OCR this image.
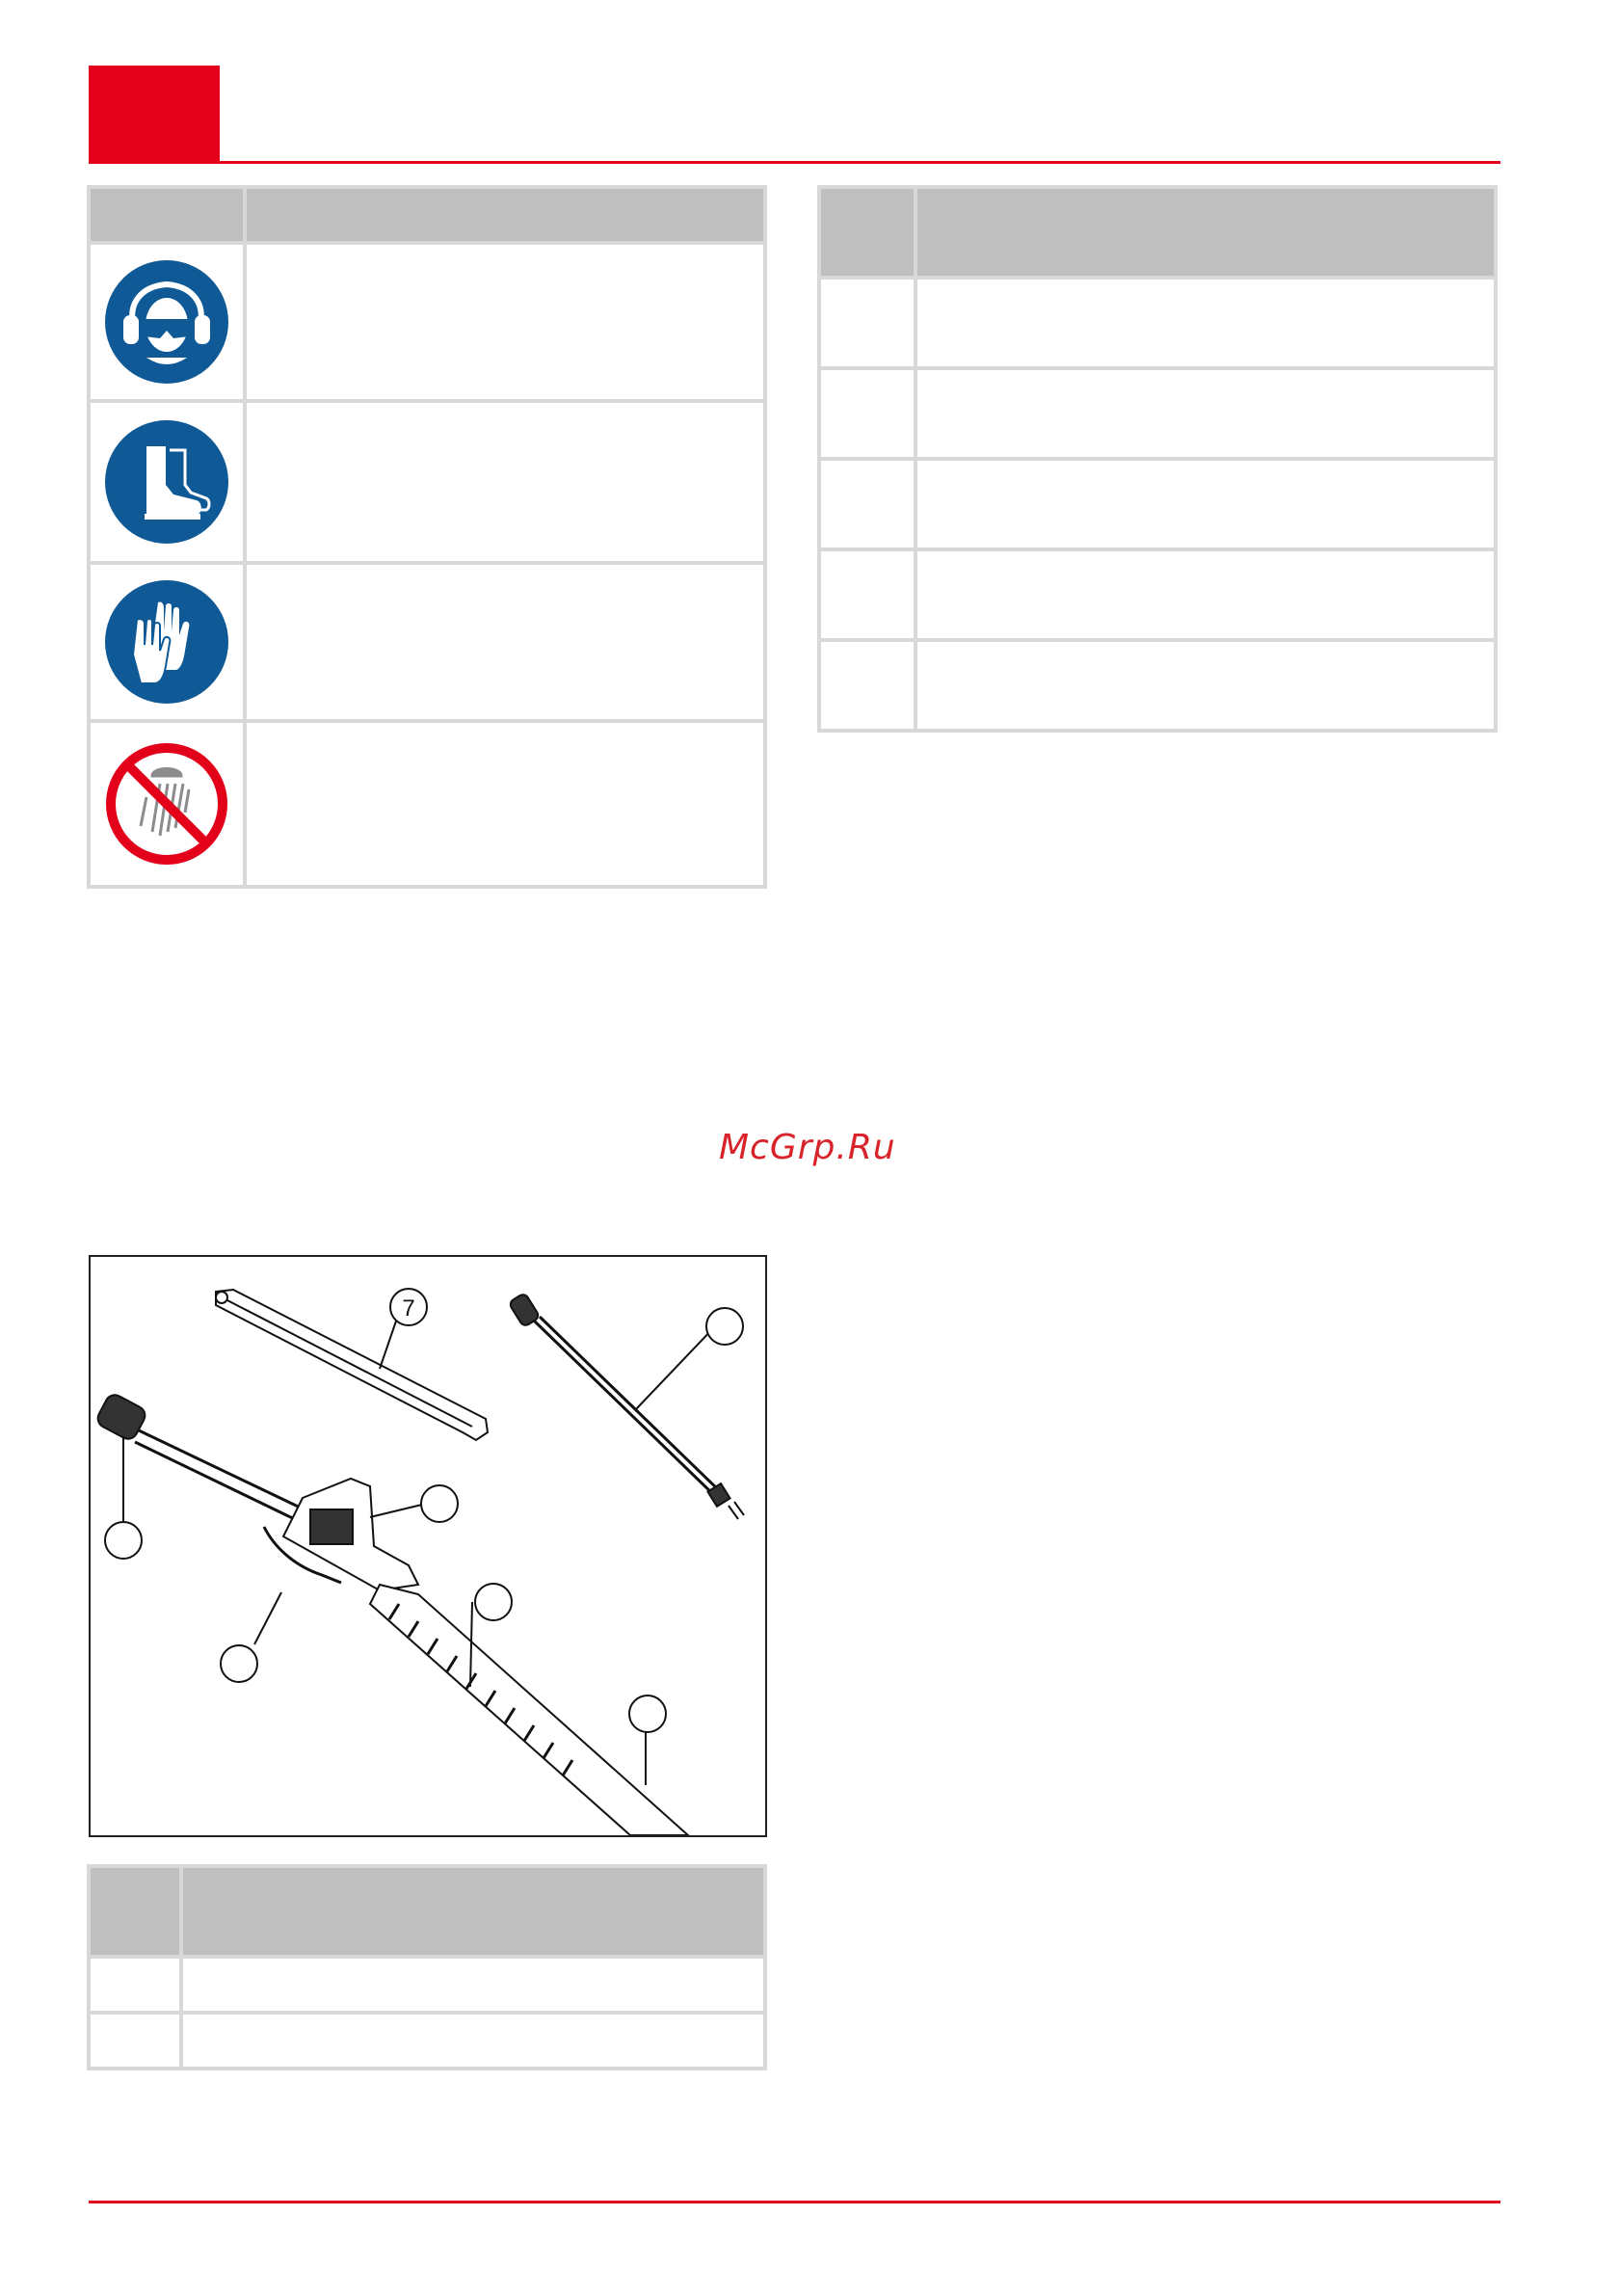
McGrp.Ru
7
